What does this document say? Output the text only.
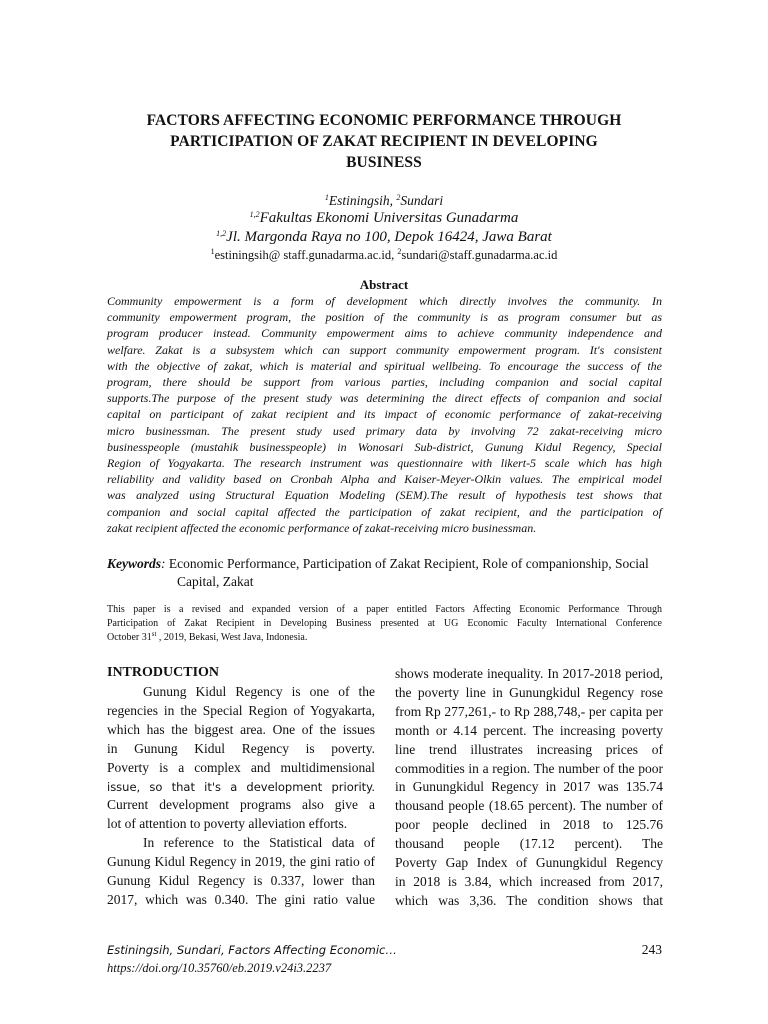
FACTORS AFFECTING ECONOMIC PERFORMANCE THROUGH
PARTICIPATION OF ZAKAT RECIPIENT IN DEVELOPING
BUSINESS
$^1$Estiningsih, $^2$Sundari
$^{1,2}$Fakultas Ekonomi Universitas Gunadarma
$^{1,2}$Jl. Margonda Raya no 100, Depok 16424, Jawa Barat
$^1$estiningsih@ staff.gunadarma.ac.id, $^2$sundari@staff.gunadarma.ac.id
Abstract
Community empowerment is a form of development which directly involves the community. In
community empowerment program, the position of the community is as program consumer but as
program producer instead. Community empowerment aims to achieve community independence and
welfare. Zakat is a subsystem which can support community empowerment program. It's consistent
with the objective of zakat, which is material and spiritual wellbeing. To encourage the success of the
program, there should be support from various parties, including companion and social capital
supports.The purpose of the present study was determining the direct effects of companion and social
capital on participant of zakat recipient and its impact of economic performance of zakat-receiving
micro businessman. The present study used primary data by involving 72 zakat-receiving micro
businesspeople (mustahik businesspeople) in Wonosari Sub-district, Gunung Kidul Regency, Special
Region of Yogyakarta. The research instrument was questionnaire with likert-5 scale which has high
reliability and validity based on Cronbah Alpha and Kaiser-Meyer-Olkin values. The empirical model
was analyzed using Structural Equation Modeling (SEM).The result of hypothesis test shows that
companion and social capital affected the participation of zakat recipient, and the participation of
zakat recipient affected the economic performance of zakat-receiving micro businessman.
Keywords: Economic Performance, Participation of Zakat Recipient, Role of companionship, Social
Capital, Zakat
This paper is a revised and expanded version of a paper entitled Factors Affecting Economic Performance Through
Participation of Zakat Recipient in Developing Business presented at UG Economic Faculty International Conference
October 31st , 2019, Bekasi, West Java, Indonesia.
INTRODUCTION
Gunung Kidul Regency is one of the
regencies in the Special Region of Yogyakarta,
which has the biggest area. One of the issues
in Gunung Kidul Regency is poverty.
Poverty is a complex and multidimensional
issue, so that it's a development priority.
Current development programs also give a
lot of attention to poverty alleviation efforts.
In reference to the Statistical data of
Gunung Kidul Regency in 2019, the gini ratio of
Gunung Kidul Regency is 0.337, lower than
2017, which was 0.340. The gini ratio value
shows moderate inequality. In 2017-2018 period,
the poverty line in Gunungkidul Regency rose
from Rp 277,261,- to Rp 288,748,- per capita per
month or 4.14 percent. The increasing poverty
line trend illustrates increasing prices of
commodities in a region. The number of the poor
in Gunungkidul Regency in 2017 was 135.74
thousand people (18.65 percent). The number of
poor people declined in 2018 to 125.76
thousand people (17.12 percent). The
Poverty Gap Index of Gunungkidul Regency
in 2018 is 3.84, which increased from 2017,
which was 3,36. The condition shows that
Estiningsih, Sundari, Factors Affecting Economic…
https://doi.org/10.35760/eb.2019.v24i3.2237
243
